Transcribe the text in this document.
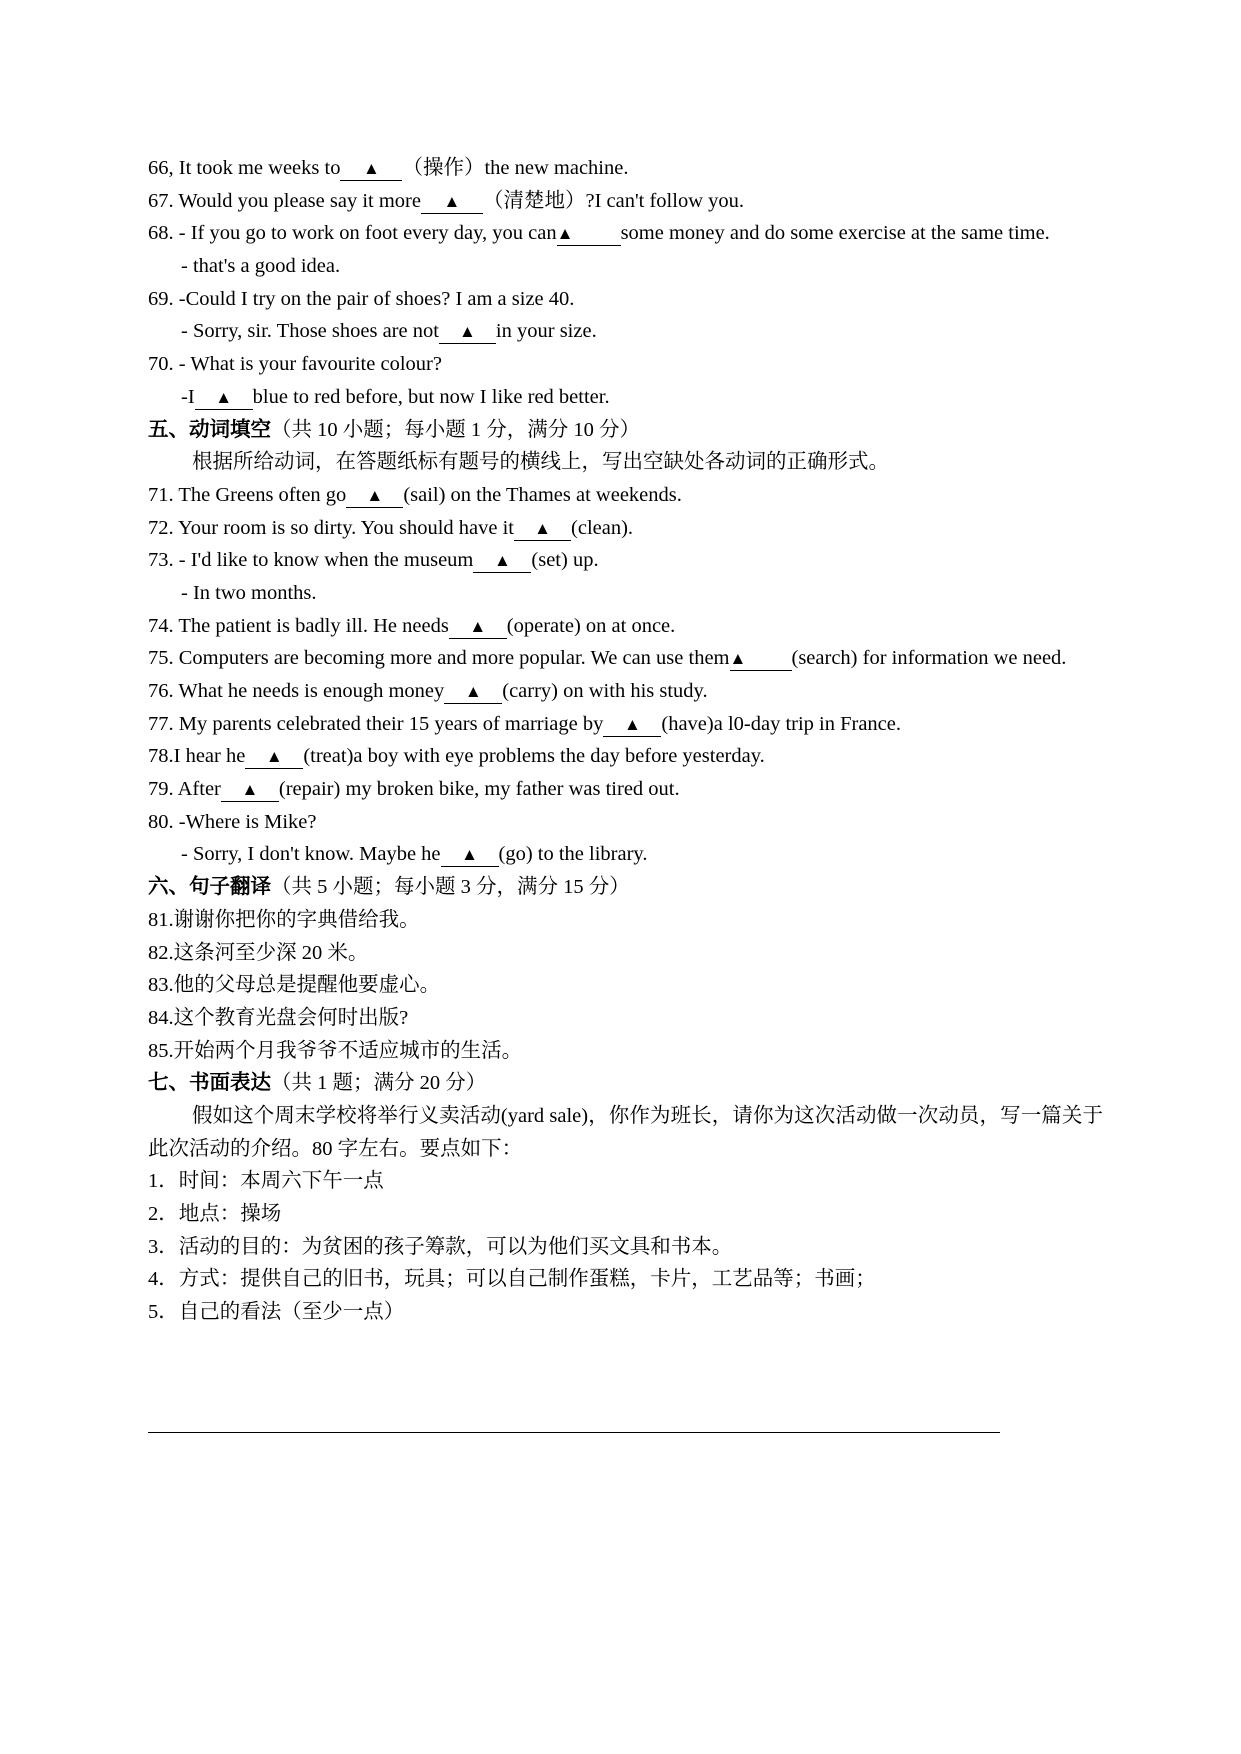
66, It took me weeks to ▲ （操作）the new machine.
67. Would you please say it more ▲ （清楚地）?I can't follow you.
68. - If you go to work on foot every day, you can▲ some money and do some exercise at the same time.
- that's a good idea.
69. -Could I try on the pair of shoes? I am a size 40.
- Sorry, sir. Those shoes are not ▲ in your size.
70. - What is your favourite colour?
-I ▲ blue to red before, but now I like red better.
五、动词填空（共 10 小题；每小题 1 分，满分 10 分）
根据所给动词，在答题纸标有题号的横线上，写出空缺处各动词的正确形式。
71. The Greens often go ▲ (sail) on the Thames at weekends.
72. Your room is so dirty. You should have it ▲ (clean).
73. - I'd like to know when the museum ▲ (set) up.
- In two months.
74. The patient is badly ill. He needs ▲ (operate) on at once.
75. Computers are becoming more and more popular. We can use them▲ (search) for information we need.
76. What he needs is enough money ▲ (carry) on with his study.
77. My parents celebrated their 15 years of marriage by ▲ (have)a l0-day trip in France.
78.I hear he ▲ (treat)a boy with eye problems the day before yesterday.
79. After ▲ (repair) my broken bike, my father was tired out.
80. -Where is Mike?
- Sorry, I don't know. Maybe he ▲ (go) to the library.
六、句子翻译（共 5 小题；每小题 3 分，满分 15 分）
81.谢谢你把你的字典借给我。
82.这条河至少深 20 米。
83.他的父母总是提醒他要虚心。
84.这个教育光盘会何时出版?
85.开始两个月我爷爷不适应城市的生活。
七、书面表达（共 1 题；满分 20 分）
假如这个周末学校将举行义卖活动(yard sale)，你作为班长，请你为这次活动做一次动员，写一篇关于此次活动的介绍。80 字左右。要点如下：
1．时间：本周六下午一点
2．地点：操场
3．活动的目的：为贫困的孩子筹款，可以为他们买文具和书本。
4．方式：提供自己的旧书，玩具；可以自己制作蛋糕，卡片，工艺品等；书画；
5．自己的看法（至少一点）
